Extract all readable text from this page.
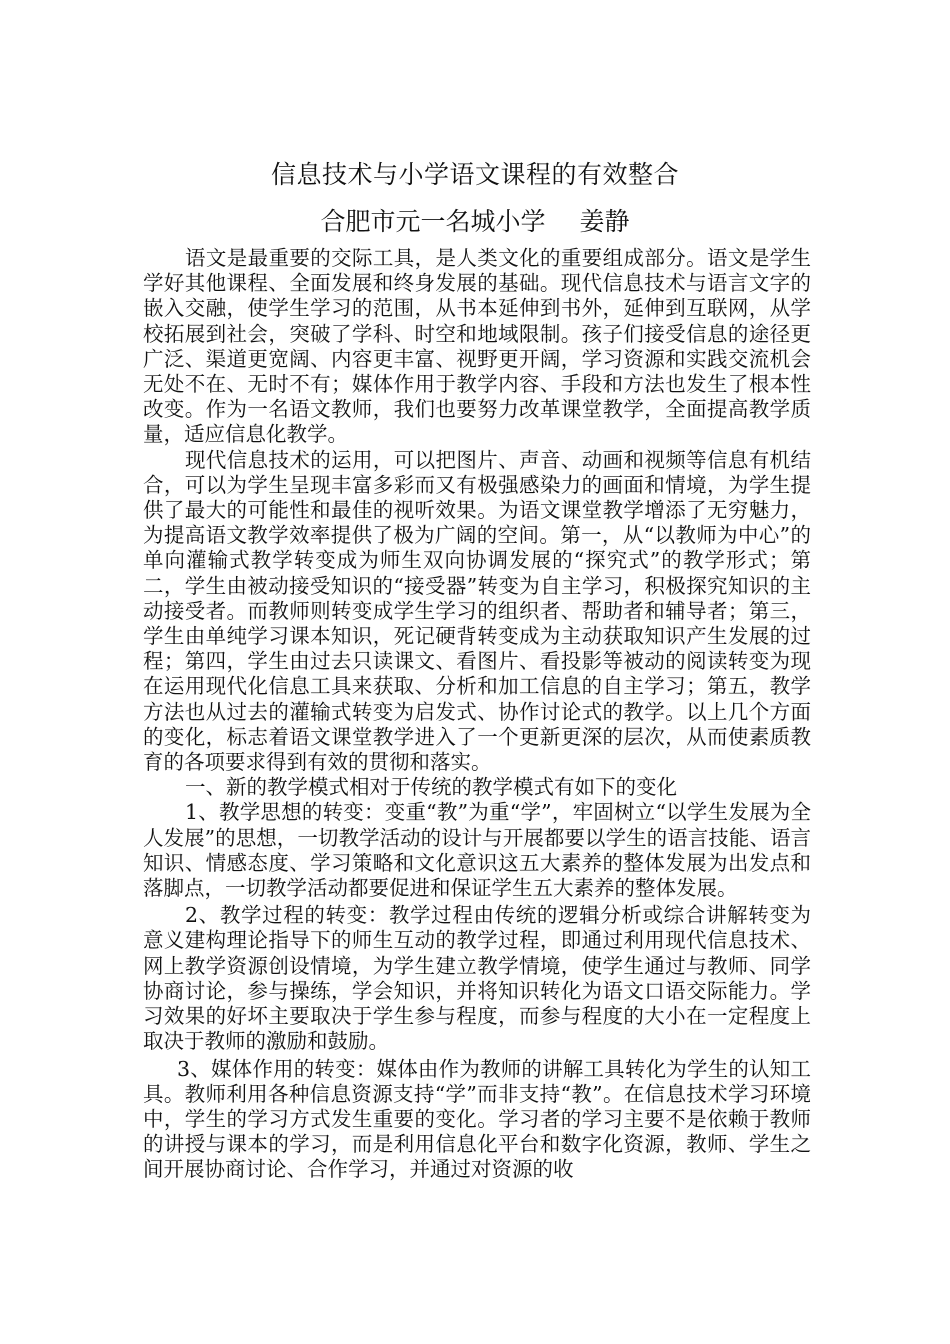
信息技术与小学语文课程的有效整合
合肥市元一名城小学 姜静

语文是最重要的交际工具，是人类文化的重要组成部分。语文是学生学好其他课程、全面发展和终身发展的基础。现代信息技术与语言文字的嵌入交融，使学生学习的范围，从书本延伸到书外，延伸到互联网，从学校拓展到社会，突破了学科、时空和地域限制。孩子们接受信息的途径更广泛、渠道更宽阔、内容更丰富、视野更开阔，学习资源和实践交流机会无处不在、无时不有；媒体作用于教学内容、手段和方法也发生了根本性改变。作为一名语文教师，我们也要努力改革课堂教学，全面提高教学质量，适应信息化教学。

现代信息技术的运用，可以把图片、声音、动画和视频等信息有机结合，可以为学生呈现丰富多彩而又有极强感染力的画面和情境，为学生提供了最大的可能性和最佳的视听效果。为语文课堂教学增添了无穷魅力，为提高语文教学效率提供了极为广阔的空间。第一，从“以教师为中心”的单向灌输式教学转变成为师生双向协调发展的“探究式”的教学形式；第二，学生由被动接受知识的“接受器”转变为自主学习，积极探究知识的主动接受者。而教师则转变成学生学习的组织者、帮助者和辅导者；第三，学生由单纯学习课本知识，死记硬背转变成为主动获取知识产生发展的过程；第四，学生由过去只读课文、看图片、看投影等被动的阅读转变为现在运用现代化信息工具来获取、分析和加工信息的自主学习；第五，教学方法也从过去的灌输式转变为启发式、协作讨论式的教学。以上几个方面的变化，标志着语文课堂教学进入了一个更新更深的层次，从而使素质教育的各项要求得到有效的贯彻和落实。

一、新的教学模式相对于传统的教学模式有如下的变化

1、教学思想的转变：变重“教”为重“学”，牢固树立“以学生发展为全人发展”的思想，一切教学活动的设计与开展都要以学生的语言技能、语言知识、情感态度、学习策略和文化意识这五大素养的整体发展为出发点和落脚点，一切教学活动都要促进和保证学生五大素养的整体发展。

2、教学过程的转变：教学过程由传统的逻辑分析或综合讲解转变为意义建构理论指导下的师生互动的教学过程，即通过利用现代信息技术、网上教学资源创设情境，为学生建立教学情境，使学生通过与教师、同学协商讨论，参与操练，学会知识，并将知识转化为语文口语交际能力。学习效果的好坏主要取决于学生参与程度，而参与程度的大小在一定程度上取决于教师的激励和鼓励。

3、媒体作用的转变：媒体由作为教师的讲解工具转化为学生的认知工具。教师利用各种信息资源支持“学”而非支持“教”。在信息技术学习环境中，学生的学习方式发生重要的变化。学习者的学习主要不是依赖于教师的讲授与课本的学习，而是利用信息化平台和数字化资源，教师、学生之间开展协商讨论、合作学习，并通过对资源的收
